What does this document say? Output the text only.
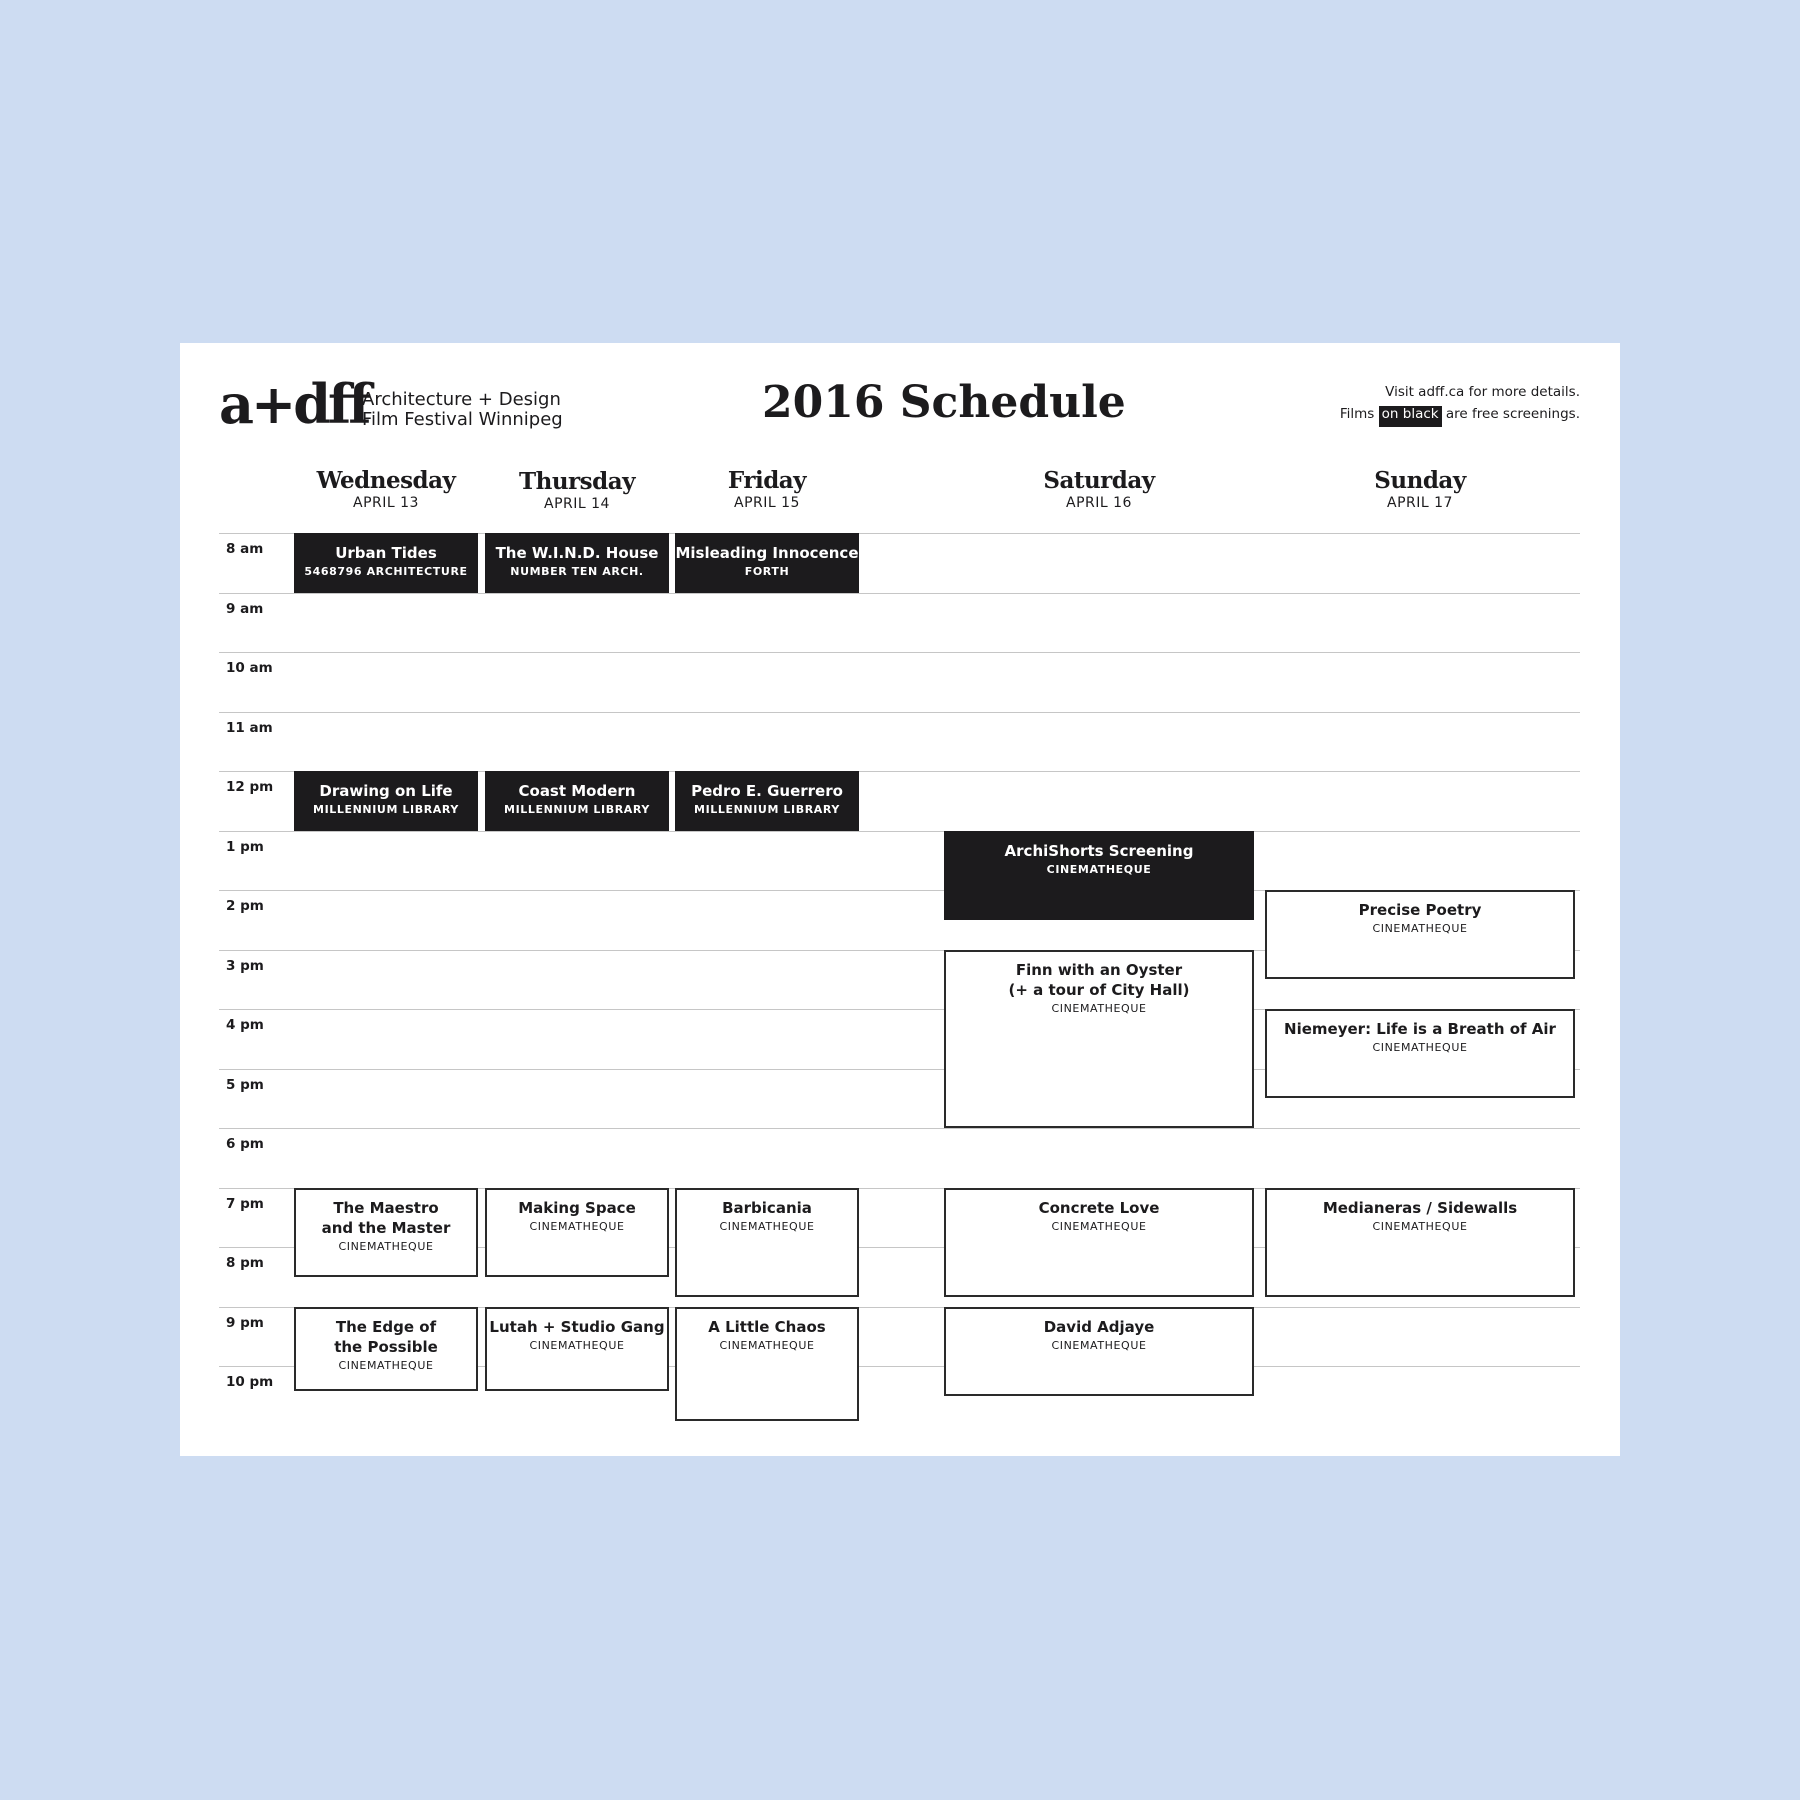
a+dff
Architecture + Design
Film Festival Winnipeg	2016 Schedule	Visit adff.ca for more details.
Films on black are free screenings.
Wednesday
APRIL 13
Thursday
APRIL 14
Friday
APRIL 15
Saturday
APRIL 16
Sunday
APRIL 17
8 am
9 am
10 am
11 am
12 pm
1 pm
2 pm
3 pm
4 pm
5 pm
6 pm
7 pm
8 pm
9 pm
10 pm
Urban Tides
5468796 ARCHITECTURE
The W.I.N.D. House
NUMBER TEN ARCH.
Misleading Innocence
FORTH
Drawing on Life
MILLENNIUM LIBRARY
Coast Modern
MILLENNIUM LIBRARY
Pedro E. Guerrero
MILLENNIUM LIBRARY
ArchiShorts Screening
CINEMATHEQUE
Precise Poetry
CINEMATHEQUE
Finn with an Oyster
(+ a tour of City Hall)
CINEMATHEQUE
Niemeyer: Life is a Breath of Air
CINEMATHEQUE
The Maestro
and the Master
CINEMATHEQUE
Making Space
CINEMATHEQUE
Barbicania
CINEMATHEQUE
Concrete Love
CINEMATHEQUE
Medianeras / Sidewalls
CINEMATHEQUE
The Edge of
the Possible
CINEMATHEQUE
Lutah + Studio Gang
CINEMATHEQUE
A Little Chaos
CINEMATHEQUE
David Adjaye
CINEMATHEQUE
